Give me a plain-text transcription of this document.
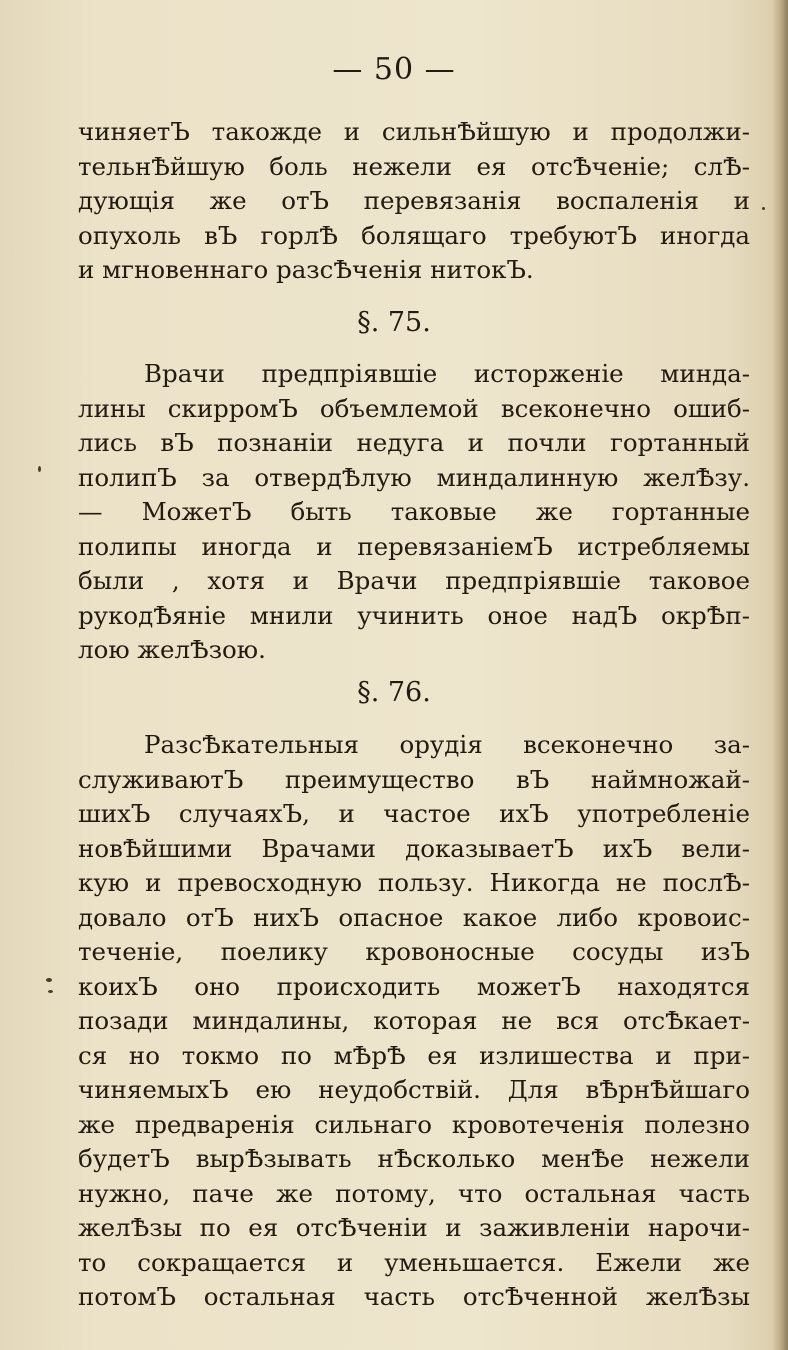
— 50 —
чиняетЪ такожде и сильнѢйшую и продолжи-
тельнѢйшую боль нежели ея отсѢченіе; слѢ-
дующія же отЪ перевязанія воспаленія и
опухоль вЪ горлѢ болящаго требуютЪ иногда
и мгновеннаго разсѢченія нитокЪ.
§. 75.
Врачи предпріявшіе исторженіе минда-
лины скирромЪ объемлемой всеконечно ошиб-
лись вЪ познаніи недуга и почли гортанный
полипЪ за отвердѢлую миндалинную желѢзу.
— МожетЪ быть таковые же гортанные
полипы иногда и перевязаніемЪ истребляемы
были , хотя и Врачи предпріявшіе таковое
рукодѢяніе мнили учинить оное надЪ окрѢп-
лою желѢзою.
§. 76.
РазсѢкательныя орудія всеконечно за-
служиваютЪ преимущество вЪ наймножай-
шихЪ случаяхЪ, и частое ихЪ употребленіе
новѢйшими Врачами доказываетЪ ихЪ вели-
кую и превосходную пользу. Никогда не послѢ-
довало отЪ нихЪ опасное какое либо кровоис-
теченіе, поелику кровоносные сосуды изЪ
коихЪ оно происходить можетЪ находятся
позади миндалины, которая не вся отсѢкает-
ся но токмо по мѢрѢ ея излишества и при-
чиняемыхЪ ею неудобствій. Для вѢрнѢйшаго
же предваренія сильнаго кровотеченія полезно
будетЪ вырѢзывать нѢсколько менѢе нежели
нужно, паче же потому, что остальная часть
желѢзы по ея отсѢченіи и заживленіи нарочи-
то сокращается и уменьшается. Ежели же
потомЪ остальная часть отсѢченной желѢзы
